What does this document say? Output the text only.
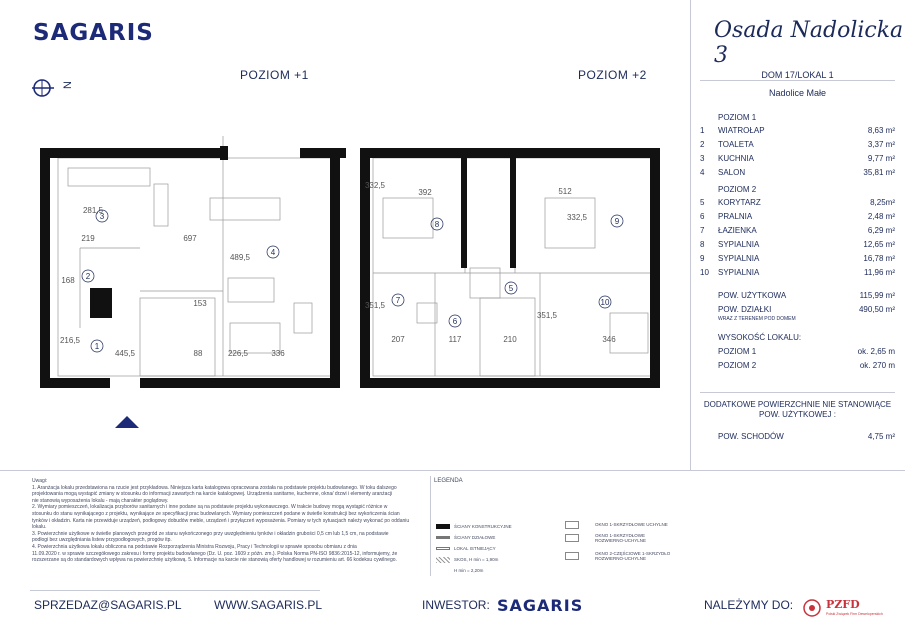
SAGARIS
N
POZIOM +1	POZIOM +2
Osada Nadolicka 3
DOM 17/LOKAL 1
Nadolice Małe
POZIOM 1
1	WIATROŁAP	8,63 m²
2	TOALETA	3,37 m²
3	KUCHNIA	9,77 m²
4	SALON	35,81 m²
POZIOM 2
5	KORYTARZ	8,25m²
6	PRALNIA	2,48 m²
7	ŁAZIENKA	6,29 m²
8	SYPIALNIA	12,65 m²
9	SYPIALNIA	16,78 m²
10	SYPIALNIA	11,96 m²
POW. UŻYTKOWA	115,99 m²
POW. DZIAŁKI	490,50 m²
WRAZ Z TERENEM POD DOMEM
WYSOKOŚĆ LOKALU:
POZIOM 1	ok. 2,65 m
POZIOM 2	ok. 270 m
DODATKOWE POWIERZCHNIE NIE STANOWIĄCE
POW. UŻYTKOWEJ :
POW. SCHODÓW	4,75 m²
281,5
219	697
168
489,5
216,5
445,5	88	226,5	336
153
3
2
4
1
332,5
392	512
332,5
351,5
207	117	210
351,5
346
8	9
5
7
6
10
Uwagi:
1. Aranżacja lokalu przedstawiona na rzucie jest przykładowa. Niniejsza karta katalogowa opracowana została na podstawie projektu budowlanego. W toku dalszego
projektowania mogą wystąpić zmiany w stosunku do informacji zawartych na karcie katalogowej. Urządzenia sanitarne, kuchenne, okna/ drzwi i elementy aranżacji
nie stanowią wyposażenia lokalu - mają charakter poglądowy.
2. Wymiary pomieszczeń, lokalizacja przyborów sanitarnych i inne podane są na podstawie projektu wykonawczego. W trakcie budowy mogą wystąpić różnice w
stosunku do stanu wynikającego z projektu, wynikające ze specyfikacji prac budowlanych. Wymiary pomieszczeń podane w świetle konstrukcji bez wykończenia ścian
tynków i okładzin. Karta nie przewiduje urządzeń, podłogowy dobudów meble, urządzeń i przyłączeń wyposażenia. Pomiary w tych sytuacjach należy wykonać po oddaniu lokalu.
3. Powierzchnie użytkowe w świetle planowych przegród ze stanu wykończonego przy uwzględnieniu tynków i okładzin grubości 0,5 cm lub 1,5 cm, na podstawie
podłogi bez uwzględniania listew przypodłogowych, progów itp.
4. Powierzchnia użytkowa lokalu obliczona na podstawie Rozporządzenia Ministra Rozwoju, Pracy i Technologii w sprawie sposobu obmiaru z dnia
11.09.2020 r. w sprawie szczegółowego zakresu i formy projektu budowlanego (Dz. U. poz. 1609 z późn. zm.). Polska Norma PN-ISO 9836:2015-12, informujemy, że
rozszerzane są do standardowych wpływa na powierzchnię użytkową. 5. Informacje na karcie nie stanowią oferty handlowej w rozumieniu art. 66 kodeksu cywilnego.
LEGENDA
ŚCIANY KONSTRUKCYJNE
ŚCIANY DZIAŁOWE
LOKAL ISTNIEJĄCY
SKOS, H min = 1,90m
H min = 2,20m
OKNO 1-SKRZYDŁOWE UCHYLNE
OKNO 1-SKRZYDŁOWE ROZWIERNO-UCHYLNE
OKNO 2-CZĘŚCIOWE 1-SKRZYDŁO ROZWIERNO-UCHYLNE
SPRZEDAZ@SAGARIS.PL	WWW.SAGARIS.PL	INWESTOR: SAGARIS	NALEŻYMY DO:	PZFD
Polski Związek Firm Deweloperskich
